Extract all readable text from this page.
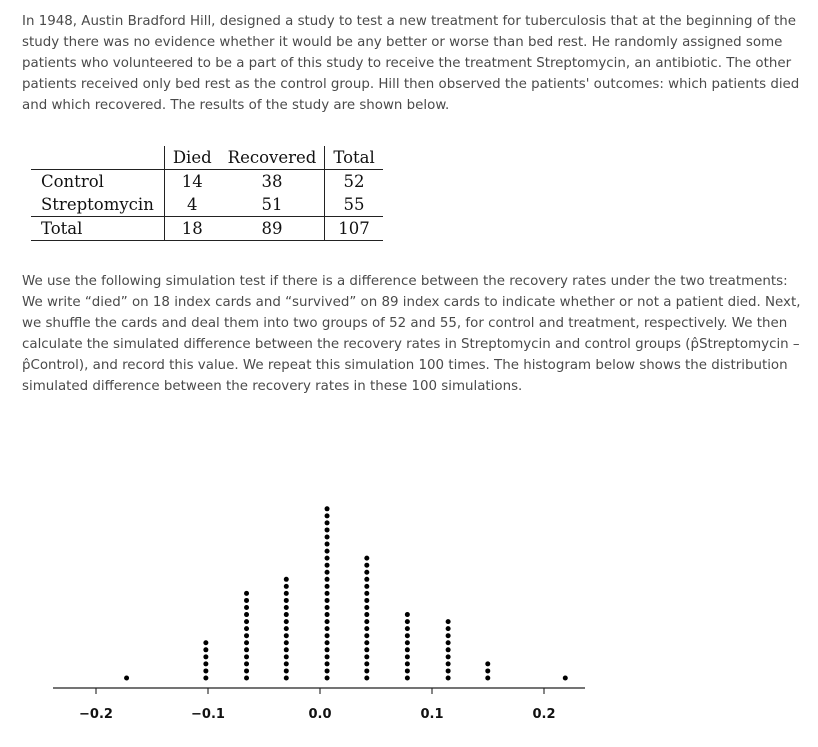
In 1948, Austin Bradford Hill, designed a study to test a new treatment for tuberculosis that at the beginning of the study there was no evidence whether it would be any better or worse than bed rest. He randomly assigned some patients who volunteered to be a part of this study to receive the treatment Streptomycin, an antibiotic. The other patients received only bed rest as the control group. Hill then observed the patients' outcomes: which patients died and which recovered. The results of the study are shown below.

	Died	Recovered	Total
Control	14	38	52
Streptomycin	4	51	55
Total	18	89	107

We use the following simulation test if there is a difference between the recovery rates under the two treatments: We write “died” on 18 index cards and “survived” on 89 index cards to indicate whether or not a patient died. Next, we shuffle the cards and deal them into two groups of 52 and 55, for control and treatment, respectively. We then calculate the simulated difference between the recovery rates in Streptomycin and control groups (p̂Streptomycin – p̂Control), and record this value. We repeat this simulation 100 times. The histogram below shows the distribution simulated difference between the recovery rates in these 100 simulations.

−0.2	−0.1	0.0	0.1	0.2
